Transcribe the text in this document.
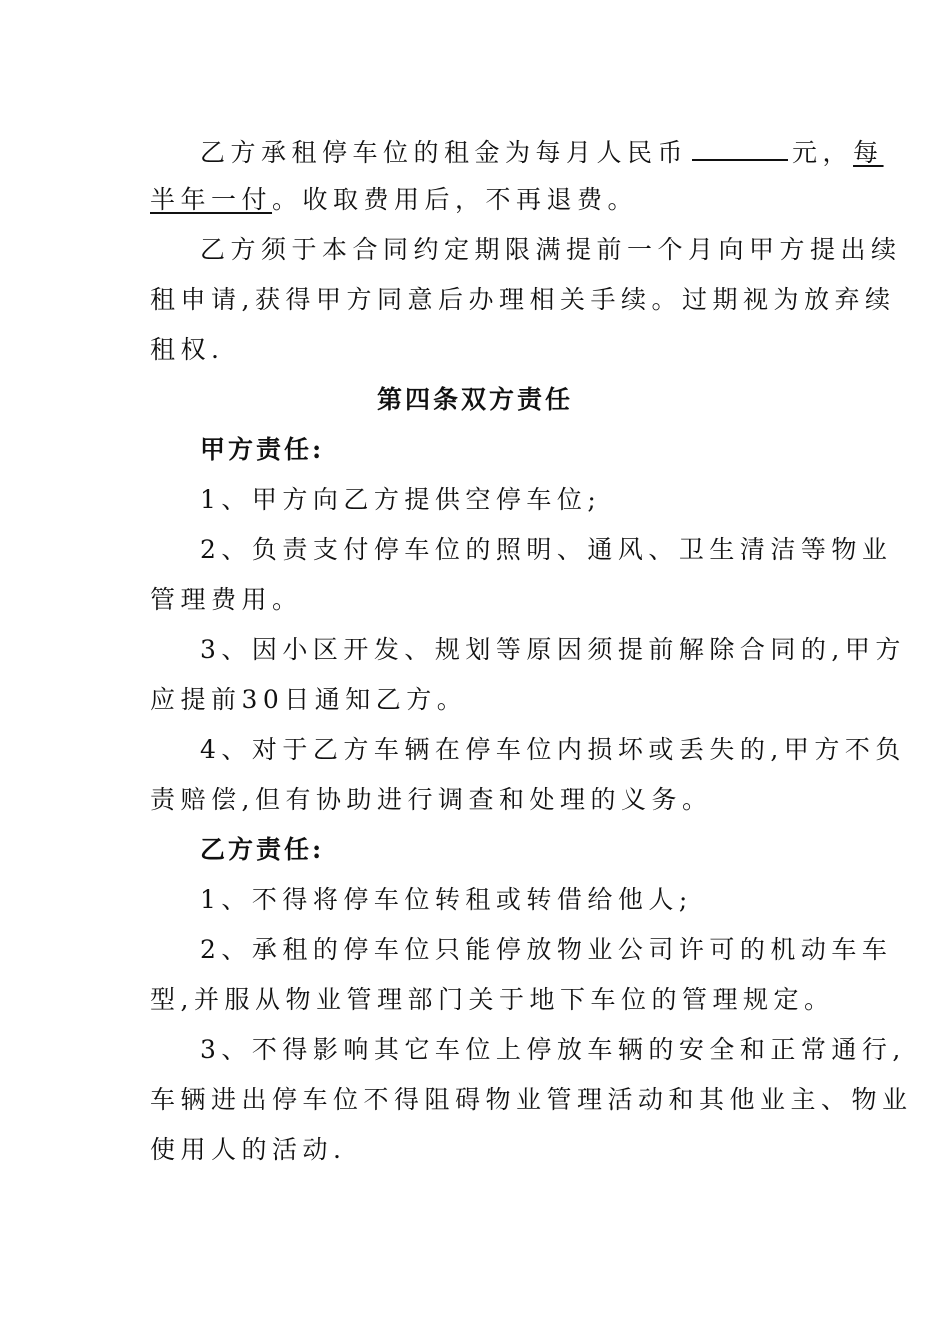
乙方承租停车位的租金为每月人民币	元，每
半年一付。收取费用后，不再退费。
乙方须于本合同约定期限满提前一个月向甲方提出续
租申请,获得甲方同意后办理相关手续。过期视为放弃续
租权.
第四条双方责任
甲方责任:
1、甲方向乙方提供空停车位;
2、负责支付停车位的照明、通风、卫生清洁等物业
管理费用。
3、因小区开发、规划等原因须提前解除合同的,甲方
应提前30日通知乙方。
4、对于乙方车辆在停车位内损坏或丢失的,甲方不负
责赔偿,但有协助进行调查和处理的义务。
乙方责任:
1、不得将停车位转租或转借给他人;
2、承租的停车位只能停放物业公司许可的机动车车
型,并服从物业管理部门关于地下车位的管理规定。
3、不得影响其它车位上停放车辆的安全和正常通行,
车辆进出停车位不得阻碍物业管理活动和其他业主、物业
使用人的活动.
